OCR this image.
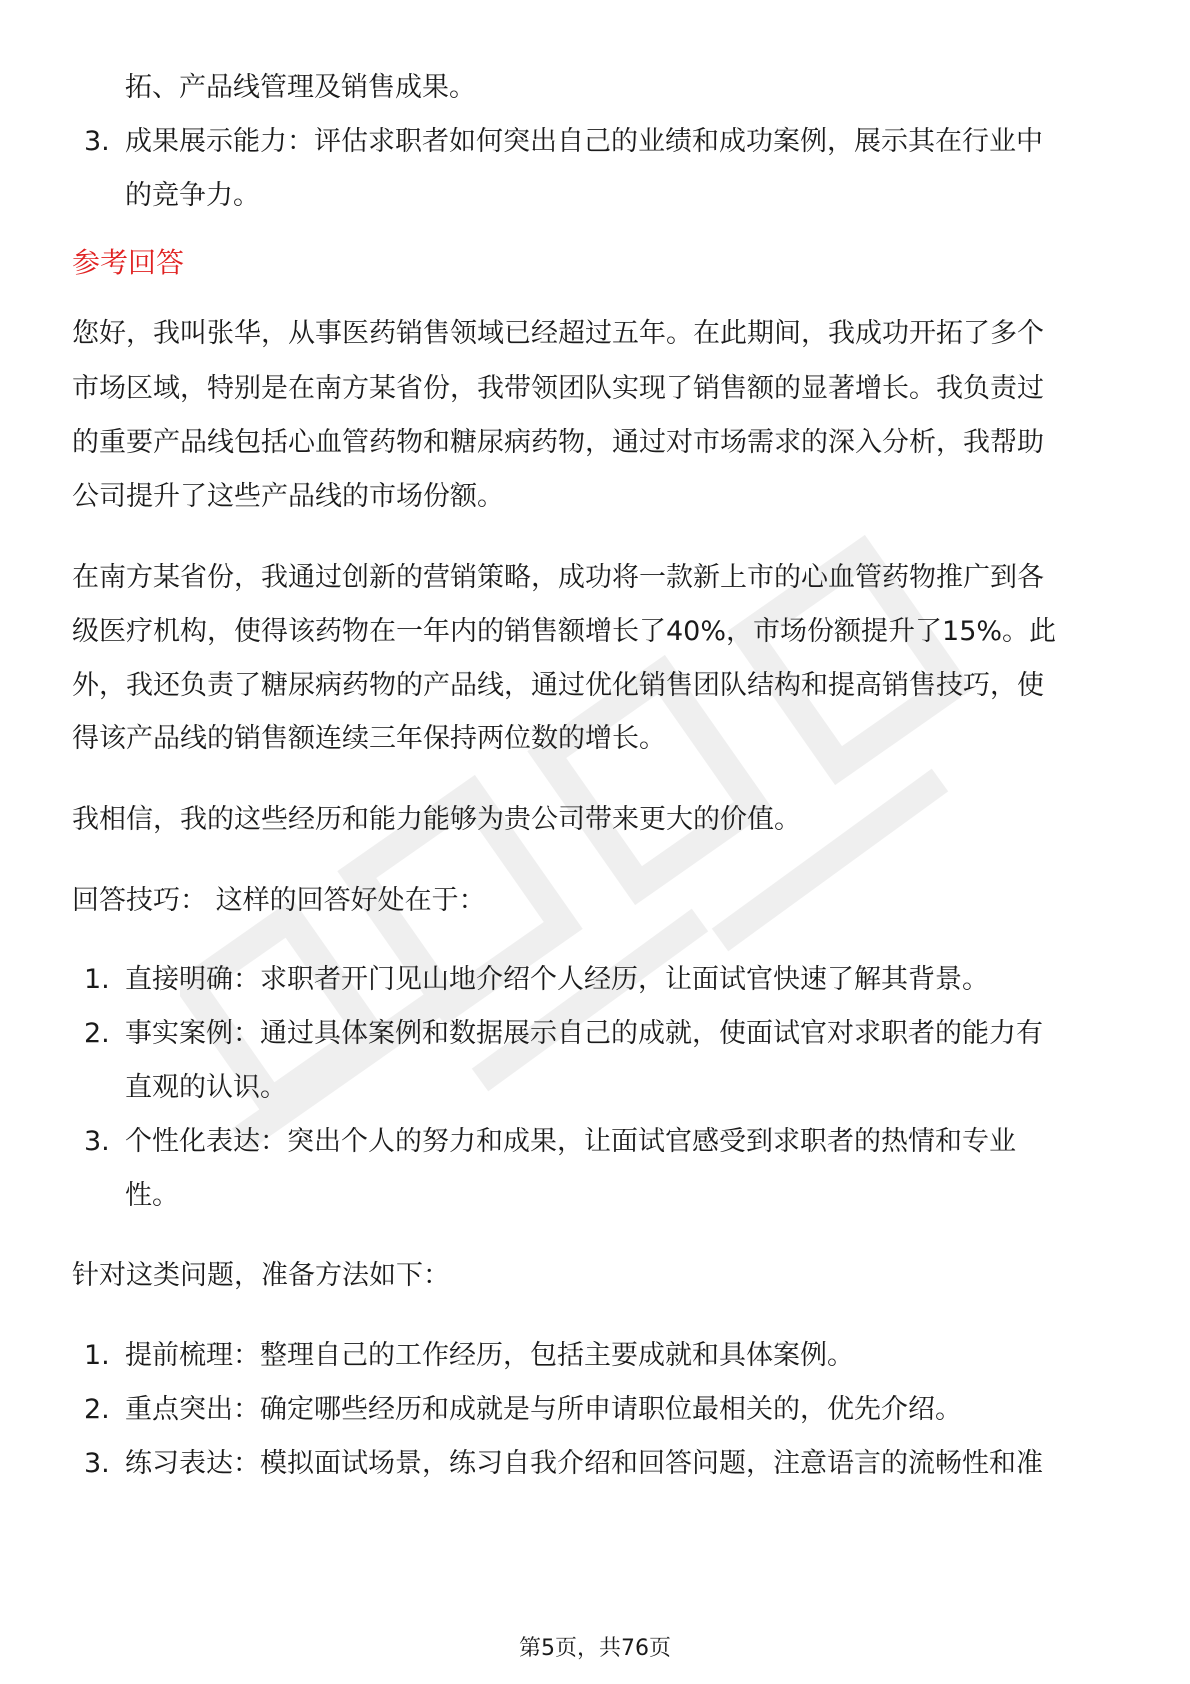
拓、产品线管理及销售成果。
3. 成果展示能力：评估求职者如何突出自己的业绩和成功案例，展示其在行业中
的竞争力。
参考回答
您好，我叫张华，从事医药销售领域已经超过五年。在此期间，我成功开拓了多个
市场区域，特别是在南方某省份，我带领团队实现了销售额的显著增长。我负责过
的重要产品线包括心血管药物和糖尿病药物，通过对市场需求的深入分析，我帮助
公司提升了这些产品线的市场份额。
在南方某省份，我通过创新的营销策略，成功将一款新上市的心血管药物推广到各
级医疗机构，使得该药物在一年内的销售额增长了40%，市场份额提升了15%。此
外，我还负责了糖尿病药物的产品线，通过优化销售团队结构和提高销售技巧，使
得该产品线的销售额连续三年保持两位数的增长。
我相信，我的这些经历和能力能够为贵公司带来更大的价值。
回答技巧： 这样的回答好处在于：
1. 直接明确：求职者开门见山地介绍个人经历，让面试官快速了解其背景。
2. 事实案例：通过具体案例和数据展示自己的成就，使面试官对求职者的能力有
直观的认识。
3. 个性化表达：突出个人的努力和成果，让面试官感受到求职者的热情和专业
性。
针对这类问题，准备方法如下：
1. 提前梳理：整理自己的工作经历，包括主要成就和具体案例。
2. 重点突出：确定哪些经历和成就是与所申请职位最相关的，优先介绍。
3. 练习表达：模拟面试场景，练习自我介绍和回答问题，注意语言的流畅性和准
第5页，共76页
